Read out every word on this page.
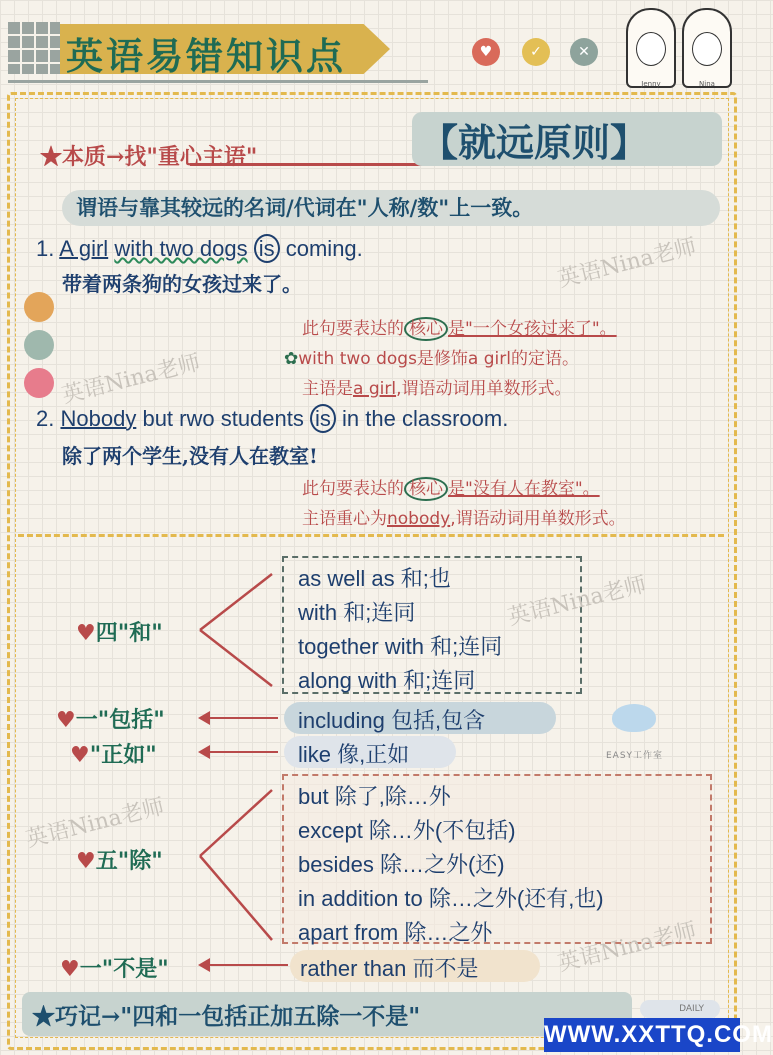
英语易错知识点	♥	✓	✕
Jenny	Nina
★本质→找"重心主语"	【就远原则】
谓语与靠其较远的名词/代词在"人称/数"上一致。
1. A girl with two dogs is coming.
带着两条狗的女孩过来了。
此句要表达的 核心 是"一个女孩过来了"。
✿with two dogs是修饰a girl的定语。
主语是a girl,谓语动词用单数形式。
2. Nobody but rwo students is in the classroom.
除了两个学生,没有人在教室!
此句要表达的 核心 是"没有人在教室"。
主语重心为nobody,谓语动词用单数形式。
英语Nina老师
英语Nina老师
♥四"和"
as well as 和;也
with 和;连同
together with 和;连同
along with 和;连同
英语Nina老师
♥一"包括"	including 包括,包含
♥"正如"	like 像,正如	EASY工作室
♥五"除"
but 除了,除…外
except 除…外(不包括)
besides 除…之外(还)
in addition to 除…之外(还有,也)
apart from 除…之外
英语Nina老师
♥一"不是"	rather than 而不是	英语Nina老师
★巧记→"四和一包括正加五除一不是"	DAILY
WWW.XXTTQ.COM
